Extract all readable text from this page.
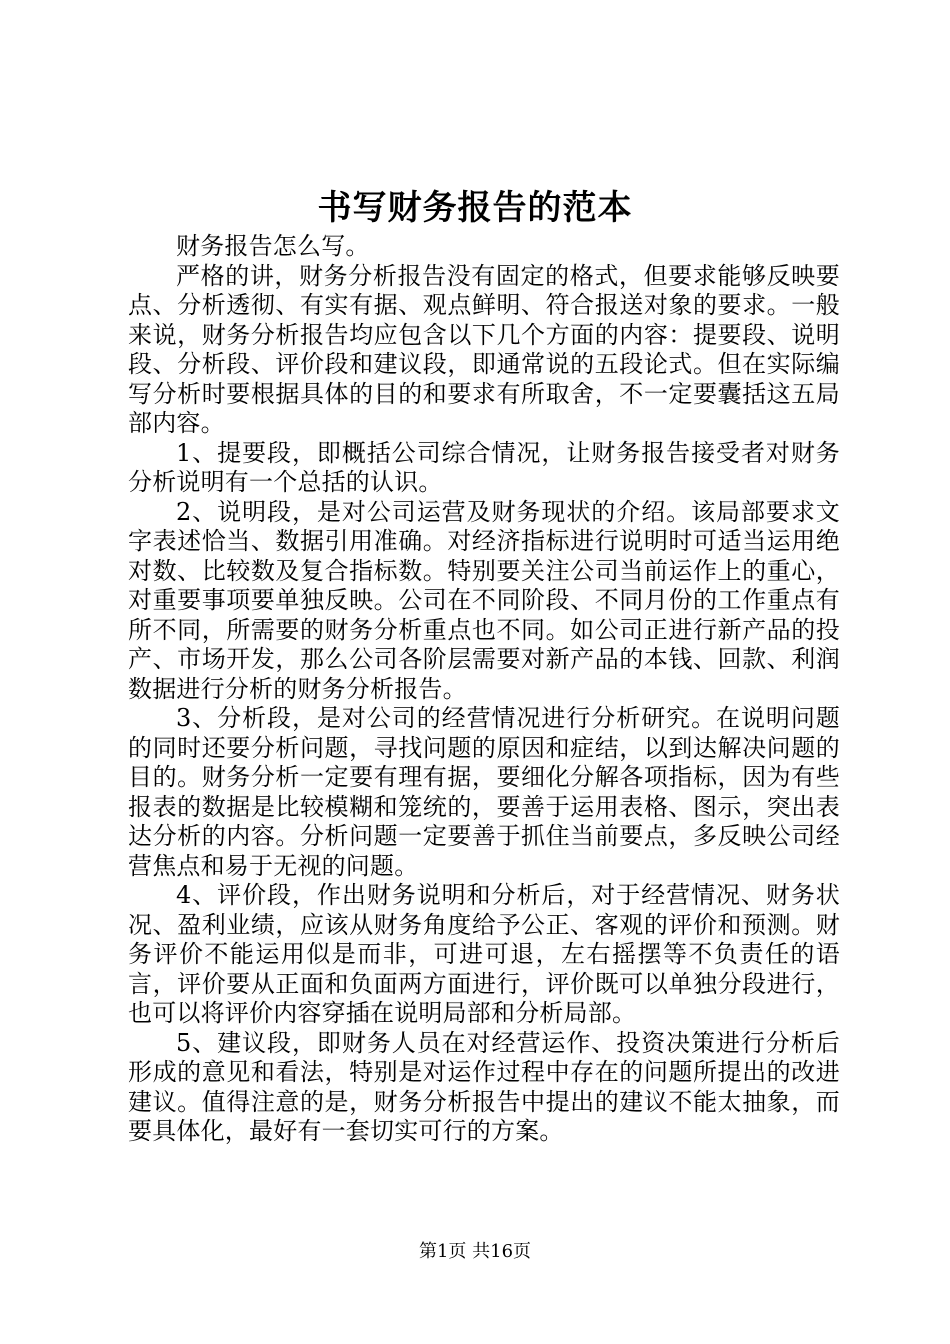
书写财务报告的范本

财务报告怎么写。

严格的讲，财务分析报告没有固定的格式，但要求能够反映要点、分析透彻、有实有据、观点鲜明、符合报送对象的要求。一般来说，财务分析报告均应包含以下几个方面的内容：提要段、说明段、分析段、评价段和建议段，即通常说的五段论式。但在实际编写分析时要根据具体的目的和要求有所取舍，不一定要囊括这五局部内容。

1、提要段，即概括公司综合情况，让财务报告接受者对财务分析说明有一个总括的认识。

2、说明段，是对公司运营及财务现状的介绍。该局部要求文字表述恰当、数据引用准确。对经济指标进行说明时可适当运用绝对数、比较数及复合指标数。特别要关注公司当前运作上的重心，对重要事项要单独反映。公司在不同阶段、不同月份的工作重点有所不同，所需要的财务分析重点也不同。如公司正进行新产品的投产、市场开发，那么公司各阶层需要对新产品的本钱、回款、利润数据进行分析的财务分析报告。

3、分析段，是对公司的经营情况进行分析研究。在说明问题的同时还要分析问题，寻找问题的原因和症结，以到达解决问题的目的。财务分析一定要有理有据，要细化分解各项指标，因为有些报表的数据是比较模糊和笼统的，要善于运用表格、图示，突出表达分析的内容。分析问题一定要善于抓住当前要点，多反映公司经营焦点和易于无视的问题。

4、评价段，作出财务说明和分析后，对于经营情况、财务状况、盈利业绩，应该从财务角度给予公正、客观的评价和预测。财务评价不能运用似是而非，可进可退，左右摇摆等不负责任的语言，评价要从正面和负面两方面进行，评价既可以单独分段进行，也可以将评价内容穿插在说明局部和分析局部。

5、建议段，即财务人员在对经营运作、投资决策进行分析后形成的意见和看法，特别是对运作过程中存在的问题所提出的改进建议。值得注意的是，财务分析报告中提出的建议不能太抽象，而要具体化，最好有一套切实可行的方案。

第1页 共16页
